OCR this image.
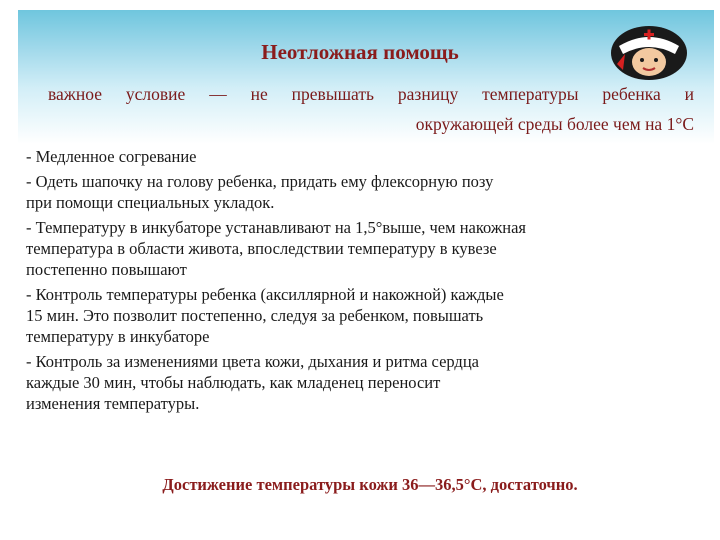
Неотложная помощь
важное условие — не превышать разницу температуры ребенка и
окружающей среды более чем на 1°C
- Медленное согревание
- Одеть шапочку на голову ребенка, придать ему флексорную позу
при помощи специальных укладок.
- Температуру в инкубаторе устанавливают на 1,5°выше, чем накожная
температура в области живота, впоследствии температуру в кувезе
постепенно повышают
- Контроль температуры ребенка (аксиллярной и накожной) каждые
15 мин. Это позволит постепенно, следуя за ребенком, повышать
температуру в инкубаторе
- Контроль за изменениями цвета кожи, дыхания и ритма сердца
каждые 30 мин, чтобы наблюдать, как младенец переносит
изменения температуры.
Достижение температуры кожи 36—36,5°С, достаточно.
